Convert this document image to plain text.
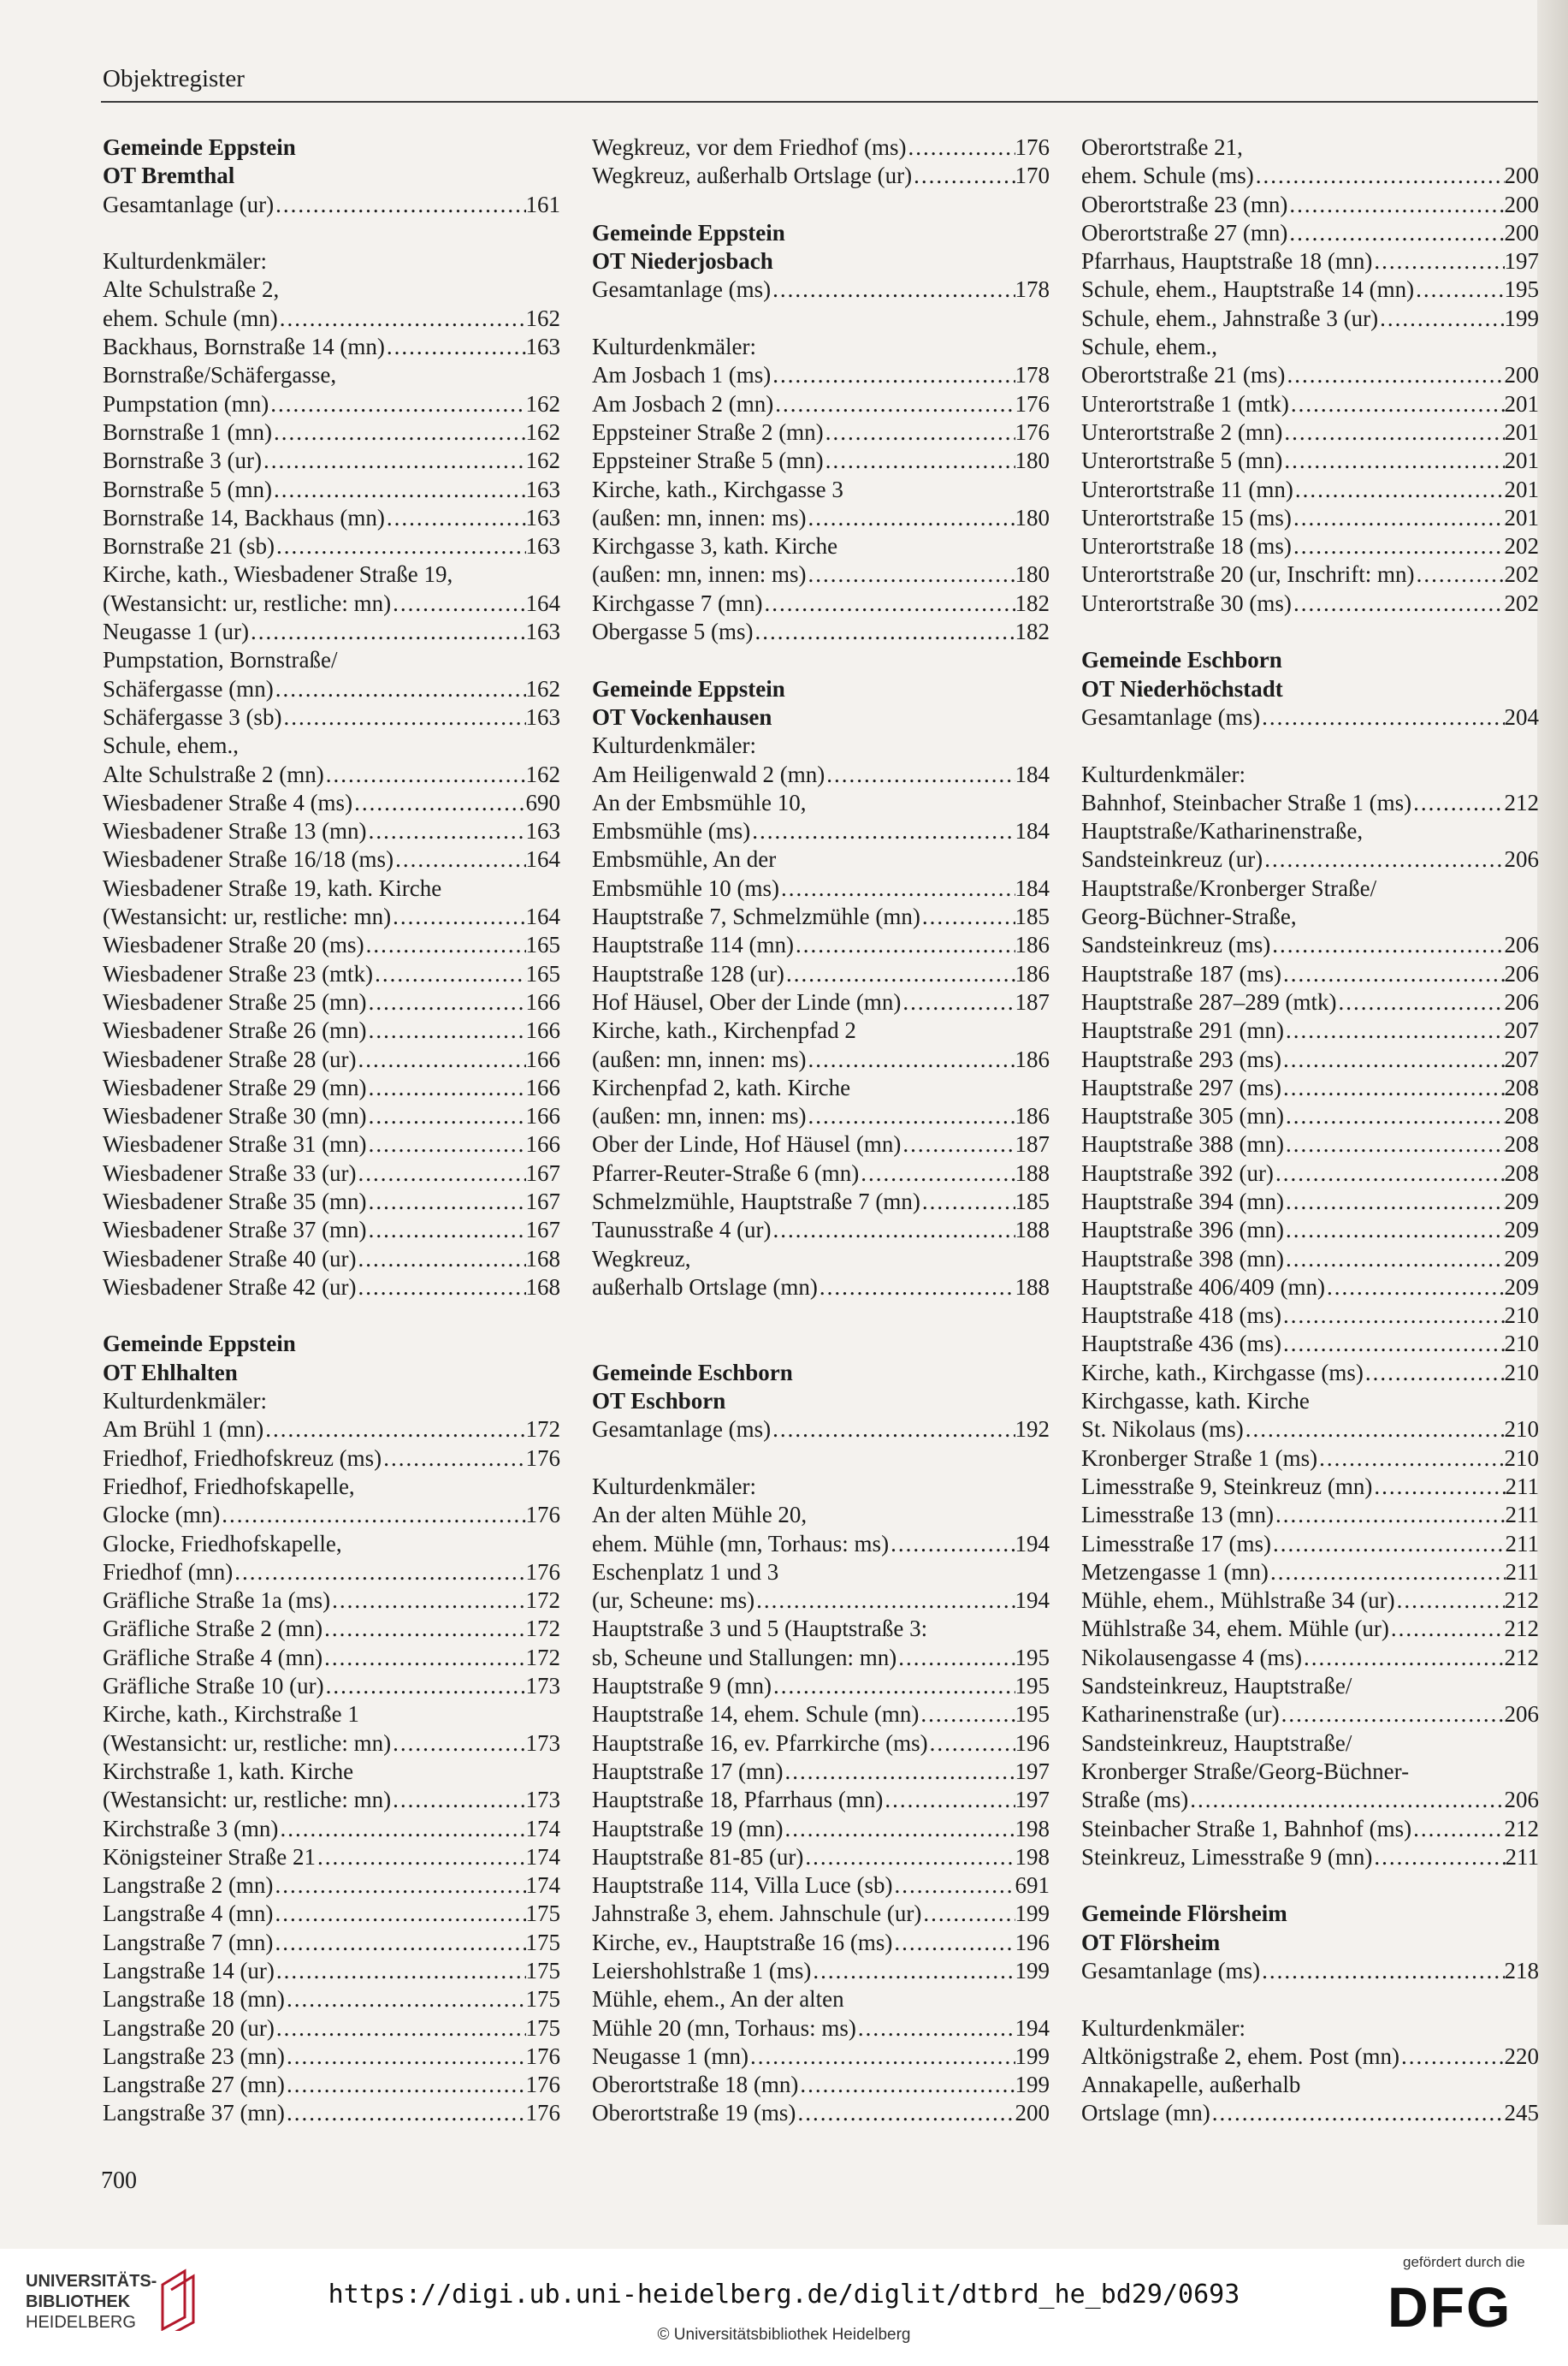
Objektregister
Gemeinde Eppstein
OT Bremthal
Gesamtanlage (ur) .....	161
Kulturdenkmäler:
Alte Schulstraße 2,
ehem. Schule (mn) .....	162
Backhaus, Bornstraße 14 (mn) .....	163
Bornstraße/Schäfergasse,
Pumpstation (mn) .....	162
Bornstraße 1 (mn) .....	162
Bornstraße 3 (ur) .....	162
Bornstraße 5 (mn) .....	163
Bornstraße 14, Backhaus (mn) .....	163
Bornstraße 21 (sb) .....	163
Kirche, kath., Wiesbadener Straße 19,
(Westansicht: ur, restliche: mn) .....	164
Neugasse 1 (ur) .....	163
Pumpstation, Bornstraße/
Schäfergasse (mn) .....	162
Schäfergasse 3 (sb) .....	163
Schule, ehem.,
Alte Schulstraße 2 (mn) .....	162
Wiesbadener Straße 4 (ms) .....	690
Wiesbadener Straße 13 (mn) .....	163
Wiesbadener Straße 16/18 (ms) .....	164
Wiesbadener Straße 19, kath. Kirche
(Westansicht: ur, restliche: mn) .....	164
Wiesbadener Straße 20 (ms) .....	165
Wiesbadener Straße 23 (mtk) .....	165
Wiesbadener Straße 25 (mn) .....	166
Wiesbadener Straße 26 (mn) .....	166
Wiesbadener Straße 28 (ur) .....	166
Wiesbadener Straße 29 (mn) .....	166
Wiesbadener Straße 30 (mn) .....	166
Wiesbadener Straße 31 (mn) .....	166
Wiesbadener Straße 33 (ur) .....	167
Wiesbadener Straße 35 (mn) .....	167
Wiesbadener Straße 37 (mn) .....	167
Wiesbadener Straße 40 (ur) .....	168
Wiesbadener Straße 42 (ur) .....	168
Gemeinde Eppstein
OT Ehlhalten
Kulturdenkmäler:
Am Brühl 1 (mn) .....	172
Friedhof, Friedhofskreuz (ms) .....	176
Friedhof, Friedhofskapelle,
Glocke (mn) .....	176
Glocke, Friedhofskapelle,
Friedhof (mn) .....	176
Gräfliche Straße 1a (ms) .....	172
Gräfliche Straße 2 (mn) .....	172
Gräfliche Straße 4 (mn) .....	172
Gräfliche Straße 10 (ur) .....	173
Kirche, kath., Kirchstraße 1
(Westansicht: ur, restliche: mn) .....	173
Kirchstraße 1, kath. Kirche
(Westansicht: ur, restliche: mn) .....	173
Kirchstraße 3 (mn) .....	174
Königsteiner Straße 21 .....	174
Langstraße 2 (mn) .....	174
Langstraße 4 (mn) .....	175
Langstraße 7 (mn) .....	175
Langstraße 14 (ur) .....	175
Langstraße 18 (mn) .....	175
Langstraße 20 (ur) .....	175
Langstraße 23 (mn) .....	176
Langstraße 27 (mn) .....	176
Langstraße 37 (mn) .....	176
Wegkreuz, vor dem Friedhof (ms) .....	176
Wegkreuz, außerhalb Ortslage (ur) .....	170
Gemeinde Eppstein
OT Niederjosbach
Gesamtanlage (ms) .....	178
Kulturdenkmäler:
Am Josbach 1 (ms) .....	178
Am Josbach 2 (mn) .....	176
Eppsteiner Straße 2 (mn) .....	176
Eppsteiner Straße 5 (mn) .....	180
Kirche, kath., Kirchgasse 3
(außen: mn, innen: ms) .....	180
Kirchgasse 3, kath. Kirche
(außen: mn, innen: ms) .....	180
Kirchgasse 7 (mn) .....	182
Obergasse 5 (ms) .....	182
Gemeinde Eppstein
OT Vockenhausen
Kulturdenkmäler:
Am Heiligenwald 2 (mn) .....	184
An der Embsmühle 10,
Embsmühle (ms) .....	184
Embsmühle, An der
Embsmühle 10 (ms) .....	184
Hauptstraße 7, Schmelzmühle (mn) .....	185
Hauptstraße 114 (mn) .....	186
Hauptstraße 128 (ur) .....	186
Hof Häusel, Ober der Linde (mn) .....	187
Kirche, kath., Kirchenpfad 2
(außen: mn, innen: ms) .....	186
Kirchenpfad 2, kath. Kirche
(außen: mn, innen: ms) .....	186
Ober der Linde, Hof Häusel (mn) .....	187
Pfarrer-Reuter-Straße 6 (mn) .....	188
Schmelzmühle, Hauptstraße 7 (mn) .....	185
Taunusstraße 4 (ur) .....	188
Wegkreuz,
außerhalb Ortslage (mn) .....	188
Gemeinde Eschborn
OT Eschborn
Gesamtanlage (ms) .....	192
Kulturdenkmäler:
An der alten Mühle 20,
ehem. Mühle (mn, Torhaus: ms) .....	194
Eschenplatz 1 und 3
(ur, Scheune: ms) .....	194
Hauptstraße 3 und 5 (Hauptstraße 3:
sb, Scheune und Stallungen: mn) .....	195
Hauptstraße 9 (mn) .....	195
Hauptstraße 14, ehem. Schule (mn) .....	195
Hauptstraße 16, ev. Pfarrkirche (ms) .....	196
Hauptstraße 17 (mn) .....	197
Hauptstraße 18, Pfarrhaus (mn) .....	197
Hauptstraße 19 (mn) .....	198
Hauptstraße 81-85 (ur) .....	198
Hauptstraße 114, Villa Luce (sb) .....	691
Jahnstraße 3, ehem. Jahnschule (ur) .....	199
Kirche, ev., Hauptstraße 16 (ms) .....	196
Leiershohlstraße 1 (ms) .....	199
Mühle, ehem., An der alten
Mühle 20 (mn, Torhaus: ms) .....	194
Neugasse 1 (mn) .....	199
Oberortstraße 18 (mn) .....	199
Oberortstraße 19 (ms) .....	200
Oberortstraße 21,
ehem. Schule (ms) .....	200
Oberortstraße 23 (mn) .....	200
Oberortstraße 27 (mn) .....	200
Pfarrhaus, Hauptstraße 18 (mn) .....	197
Schule, ehem., Hauptstraße 14 (mn) .....	195
Schule, ehem., Jahnstraße 3 (ur) .....	199
Schule, ehem.,
Oberortstraße 21 (ms) .....	200
Unterortstraße 1 (mtk) .....	201
Unterortstraße 2 (mn) .....	201
Unterortstraße 5 (mn) .....	201
Unterortstraße 11 (mn) .....	201
Unterortstraße 15 (ms) .....	201
Unterortstraße 18 (ms) .....	202
Unterortstraße 20 (ur, Inschrift: mn) .....	202
Unterortstraße 30 (ms) .....	202
Gemeinde Eschborn
OT Niederhöchstadt
Gesamtanlage (ms) .....	204
Kulturdenkmäler:
Bahnhof, Steinbacher Straße 1 (ms) .....	212
Hauptstraße/Katharinenstraße,
Sandsteinkreuz (ur) .....	206
Hauptstraße/Kronberger Straße/
Georg-Büchner-Straße,
Sandsteinkreuz (ms) .....	206
Hauptstraße 187 (ms) .....	206
Hauptstraße 287–289 (mtk) .....	206
Hauptstraße 291 (mn) .....	207
Hauptstraße 293 (ms) .....	207
Hauptstraße 297 (ms) .....	208
Hauptstraße 305 (mn) .....	208
Hauptstraße 388 (mn) .....	208
Hauptstraße 392 (ur) .....	208
Hauptstraße 394 (mn) .....	209
Hauptstraße 396 (mn) .....	209
Hauptstraße 398 (mn) .....	209
Hauptstraße 406/409 (mn) .....	209
Hauptstraße 418 (ms) .....	210
Hauptstraße 436 (ms) .....	210
Kirche, kath., Kirchgasse (ms) .....	210
Kirchgasse, kath. Kirche
St. Nikolaus (ms) .....	210
Kronberger Straße 1 (ms) .....	210
Limesstraße 9, Steinkreuz (mn) .....	211
Limesstraße 13 (mn) .....	211
Limesstraße 17 (ms) .....	211
Metzengasse 1 (mn) .....	211
Mühle, ehem., Mühlstraße 34 (ur) .....	212
Mühlstraße 34, ehem. Mühle (ur) .....	212
Nikolausengasse 4 (ms) .....	212
Sandsteinkreuz, Hauptstraße/
Katharinenstraße (ur) .....	206
Sandsteinkreuz, Hauptstraße/
Kronberger Straße/Georg-Büchner-
Straße (ms) .....	206
Steinbacher Straße 1, Bahnhof (ms) .....	212
Steinkreuz, Limesstraße 9 (mn) .....	211
Gemeinde Flörsheim
OT Flörsheim
Gesamtanlage (ms) .....	218
Kulturdenkmäler:
Altkönigstraße 2, ehem. Post (mn) .....	220
Annakapelle, außerhalb
Ortslage (mn) .....	245
700
UNIVERSITÄTS-
BIBLIOTHEK
HEIDELBERG
https://digi.ub.uni-heidelberg.de/diglit/dtbrd_he_bd29/0693
© Universitätsbibliothek Heidelberg
gefördert durch die
DFG
